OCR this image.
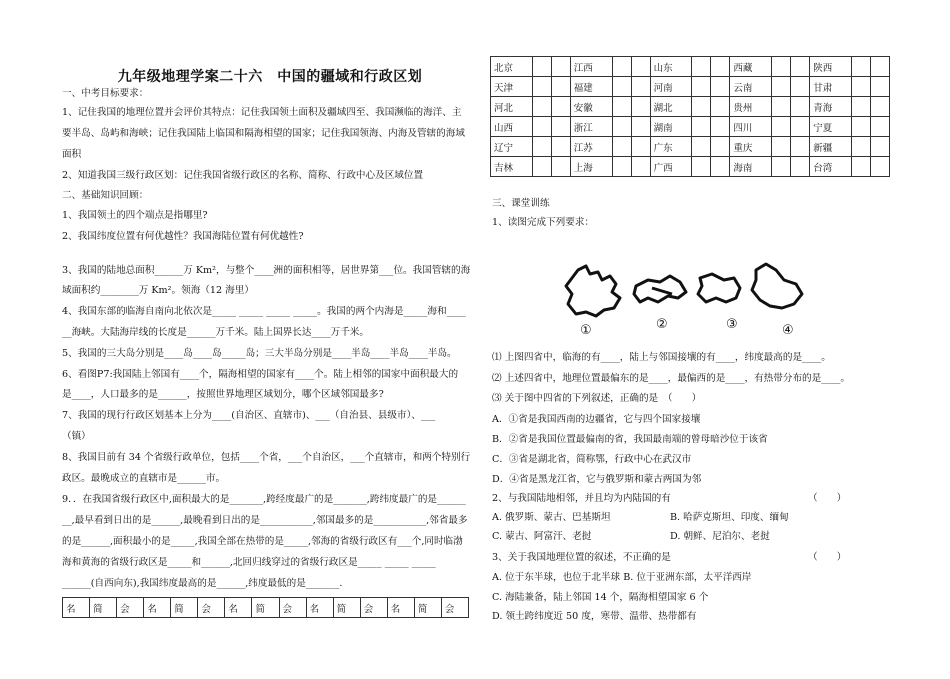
九年级地理学案二十六　中国的疆域和行政区划
一、中考目标要求：
1、记住我国的地理位置并会评价其特点：记住我国领土面积及疆域四至、我国濒临的海洋、主
要半岛、岛屿和海峡；记住我国陆上临国和隔海相望的国家；记住我国领海、内海及管辖的海域
面积
2、知道我国三级行政区划：记住我国省级行政区的名称、简称、行政中心及区域位置
二、基础知识回顾：
1、我国领土的四个端点是指哪里?
2、我国纬度位置有何优越性？我国海陆位置有何优越性?
3、我国的陆地总面积______万 Km²，与整个____洲的面积相等，居世界第___位。我国管辖的海
域面积约________万 Km²。领海（12 海里）
4、我国东部的临海自南向北依次是_____ _____ _____ _____。我国的两个内海是_____海和____
__海峡。大陆海岸线的长度是______万千米。陆上国界长达____万千米。
5、我国的三大岛分别是____岛____岛_____岛；三大半岛分别是____半岛____半岛____半岛。
6、看图P7:我国陆上邻国有____个，隔海相望的国家有____个。陆上相邻的国家中面积最大的
是____，人口最多的是______，按照世界地理区域划分，哪个区域邻国最多?
7、我国的现行行政区划基本上分为____(自治区、直辖市)、___（自治县、县级市）、___
（镇）
8、我国目前有 34 个省级行政单位，包括____个省，___个自治区，___个直辖市，和两个特别行
政区。最晚成立的直辖市是______市。
9．．在我国省级行政区中,面积最大的是_______,跨经度最广的是_______,跨纬度最广的是______
__,最早看到日出的是______,最晚看到日出的是___________,邻国最多的是___________,邻省最多
的是______,面积最小的是_____,我国全部在热带的是_____,邻海的省级行政区有___个,同时临渤
海和黄海的省级行政区是_____和______,北回归线穿过的省级行政区是_____ _____ _____
______(自西向东),我国纬度最高的是______,纬度最低的是_______.
名	简	会	名	简	会	名	简	会	名	简	会	名	简	会
北京			江西			山东			西藏			陕西		
天津			福建			河南			云南			甘肃		
河北			安徽			湖北			贵州			青海		
山西			浙江			湖南			四川			宁夏		
辽宁			江苏			广东			重庆			新疆		
吉林			上海			广西			海南			台湾		
三、课堂训练
1、读图完成下列要求：
①	②	③	④
⑴ 上图四省中，临海的有____，陆上与邻国接壤的有____，纬度最高的是____。
⑵ 上述四省中，地理位置最偏东的是____，最偏西的是____，有热带分布的是____。
⑶ 关于图中四省的下列叙述，正确的是　（　　）
A．①省是我国西南的边疆省，它与四个国家接壤
B．②省是我国位置最偏南的省，我国最南端的曾母暗沙位于该省
C．③省是湖北省，简称鄂，行政中心在武汉市
D．④省是黑龙江省，它与俄罗斯和蒙古两国为邻
2、与我国陆地相邻，并且均为内陆国的有	（　　）
A. 俄罗斯、蒙古、巴基斯坦	B. 哈萨克斯坦、印度、缅甸
C. 蒙古、阿富汗、老挝	D. 朝鲜、尼泊尔、老挝
3、关于我国地理位置的叙述，不正确的是	（　　）
A. 位于东半球，也位于北半球 B. 位于亚洲东部，太平洋西岸
C. 海陆兼备，陆上邻国 14 个，隔海相望国家 6 个
D. 领土跨纬度近 50 度，寒带、温带、热带都有
